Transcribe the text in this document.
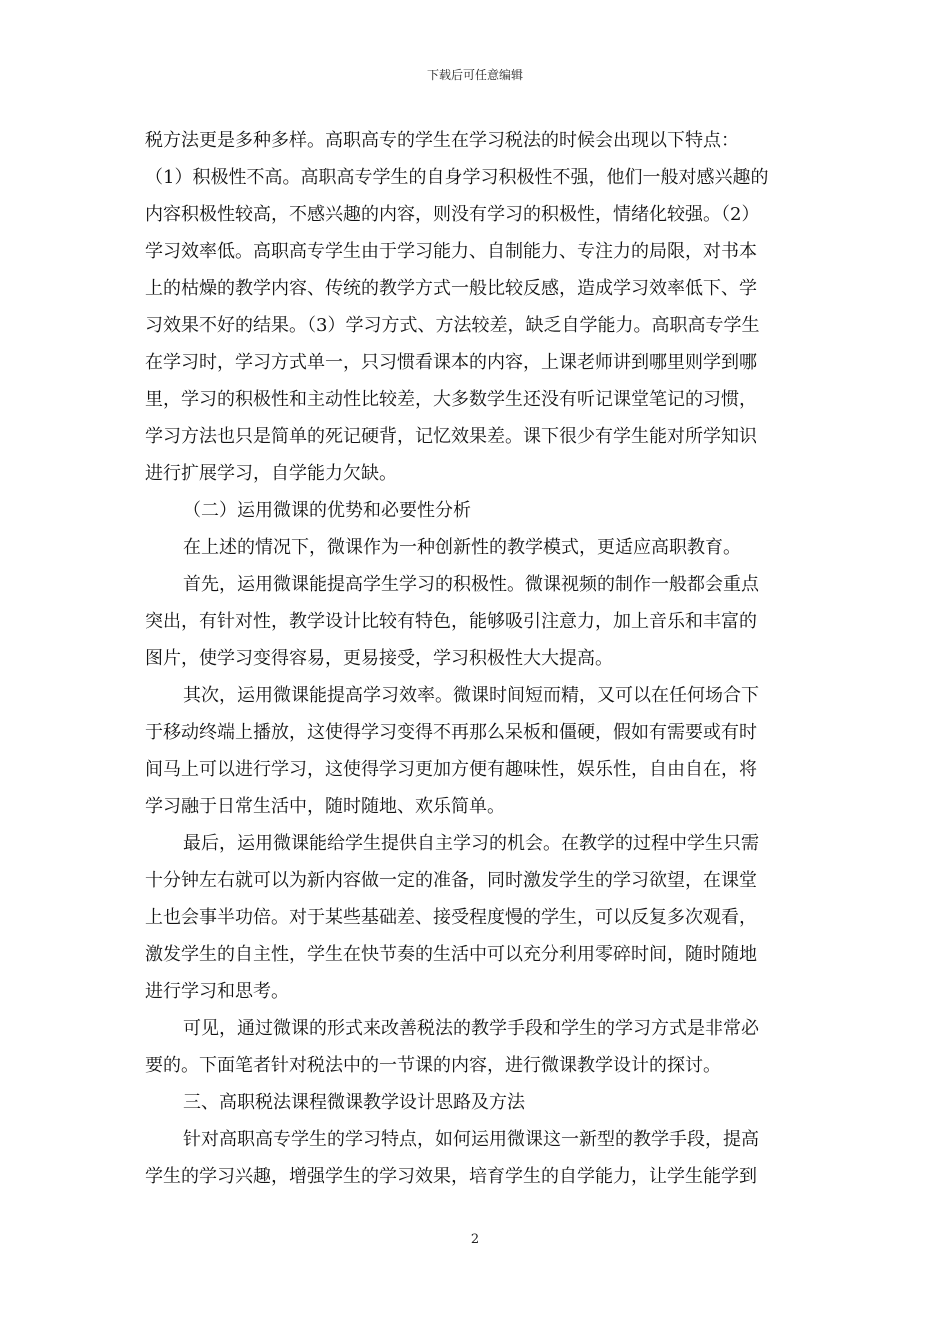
下载后可任意编辑
税方法更是多种多样。高职高专的学生在学习税法的时候会出现以下特点：
（1）积极性不高。高职高专学生的自身学习积极性不强，他们一般对感兴趣的
内容积极性较高，不感兴趣的内容，则没有学习的积极性，情绪化较强。（2）
学习效率低。高职高专学生由于学习能力、自制能力、专注力的局限，对书本
上的枯燥的教学内容、传统的教学方式一般比较反感，造成学习效率低下、学
习效果不好的结果。（3）学习方式、方法较差，缺乏自学能力。高职高专学生
在学习时，学习方式单一，只习惯看课本的内容，上课老师讲到哪里则学到哪
里，学习的积极性和主动性比较差，大多数学生还没有听记课堂笔记的习惯，
学习方法也只是简单的死记硬背，记忆效果差。课下很少有学生能对所学知识
进行扩展学习，自学能力欠缺。
（二）运用微课的优势和必要性分析
在上述的情况下，微课作为一种创新性的教学模式，更适应高职教育。
首先，运用微课能提高学生学习的积极性。微课视频的制作一般都会重点
突出，有针对性，教学设计比较有特色，能够吸引注意力，加上音乐和丰富的
图片，使学习变得容易，更易接受，学习积极性大大提高。
其次，运用微课能提高学习效率。微课时间短而精，又可以在任何场合下
于移动终端上播放，这使得学习变得不再那么呆板和僵硬，假如有需要或有时
间马上可以进行学习，这使得学习更加方便有趣味性，娱乐性，自由自在，将
学习融于日常生活中，随时随地、欢乐简单。
最后，运用微课能给学生提供自主学习的机会。在教学的过程中学生只需
十分钟左右就可以为新内容做一定的准备，同时激发学生的学习欲望，在课堂
上也会事半功倍。对于某些基础差、接受程度慢的学生，可以反复多次观看，
激发学生的自主性，学生在快节奏的生活中可以充分利用零碎时间，随时随地
进行学习和思考。
可见，通过微课的形式来改善税法的教学手段和学生的学习方式是非常必
要的。下面笔者针对税法中的一节课的内容，进行微课教学设计的探讨。
三、高职税法课程微课教学设计思路及方法
针对高职高专学生的学习特点，如何运用微课这一新型的教学手段，提高
学生的学习兴趣，增强学生的学习效果，培育学生的自学能力，让学生能学到
2
